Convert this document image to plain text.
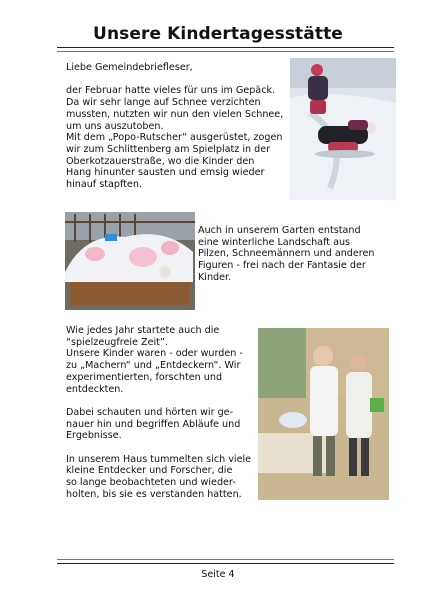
Unsere Kindertagesstätte

Liebe Gemeindebriefleser,

der Februar hatte vieles für uns im Gepäck.
Da wir sehr lange auf Schnee verzichten
mussten, nutzten wir nun den vielen Schnee,
um uns auszutoben.
Mit dem „Popo-Rutscher“ ausgerüstet, zogen
wir zum Schlittenberg am Spielplatz in der
Oberkotzauerstraße, wo die Kinder den
Hang hinunter sausten und emsig wieder
hinauf stapften.

Auch in unserem Garten entstand
eine winterliche Landschaft aus
Pilzen, Schneemännern und anderen
Figuren - frei nach der Fantasie der
Kinder.

Wie jedes Jahr startete auch die
“spielzeugfreie Zeit”.
Unsere Kinder waren - oder wurden -
zu „Machern“ und „Entdeckern“. Wir
experimentierten, forschten und
entdeckten.

Dabei schauten und hörten wir ge-
nauer hin und begriffen Abläufe und
Ergebnisse.

In unserem Haus tummelten sich viele
kleine Entdecker und Forscher, die
so lange beobachteten und wieder-
holten, bis sie es verstanden hatten.

Seite 4
